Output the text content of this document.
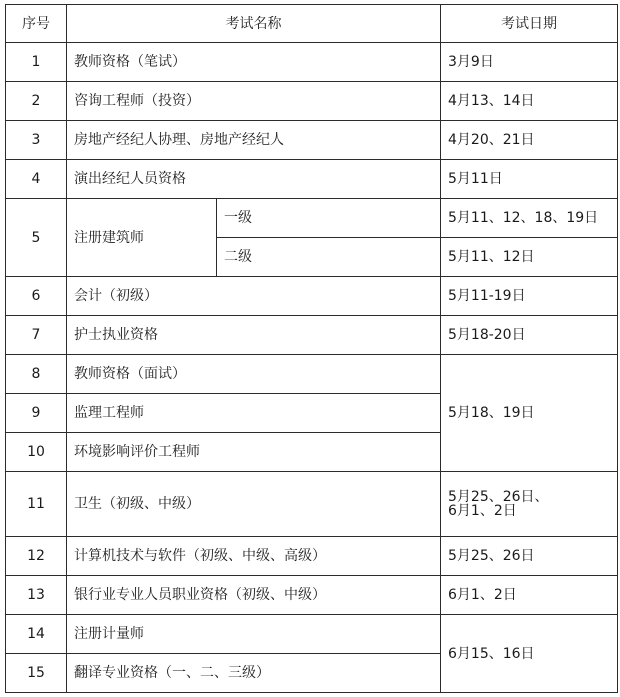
序号	考试名称		考试日期
1	教师资格（笔试）		3月9日
2	咨询工程师（投资）		4月13、14日
3	房地产经纪人协理、房地产经纪人		4月20、21日
4	演出经纪人员资格		5月11日
5	注册建筑师	一级	5月11、12、18、19日
		二级	5月11、12日
6	会计（初级）		5月11-19日
7	护士执业资格		5月18-20日
8	教师资格（面试）		5月18、19日
9	监理工程师		
10	环境影响评价工程师		
11	卫生（初级、中级）		5月25、26日、
6月1、2日

12	计算机技术与软件（初级、中级、高级）		5月25、26日
13	银行业专业人员职业资格（初级、中级）		6月1、2日
14	注册计量师		6月15、16日
15	翻译专业资格（一、二、三级）		
